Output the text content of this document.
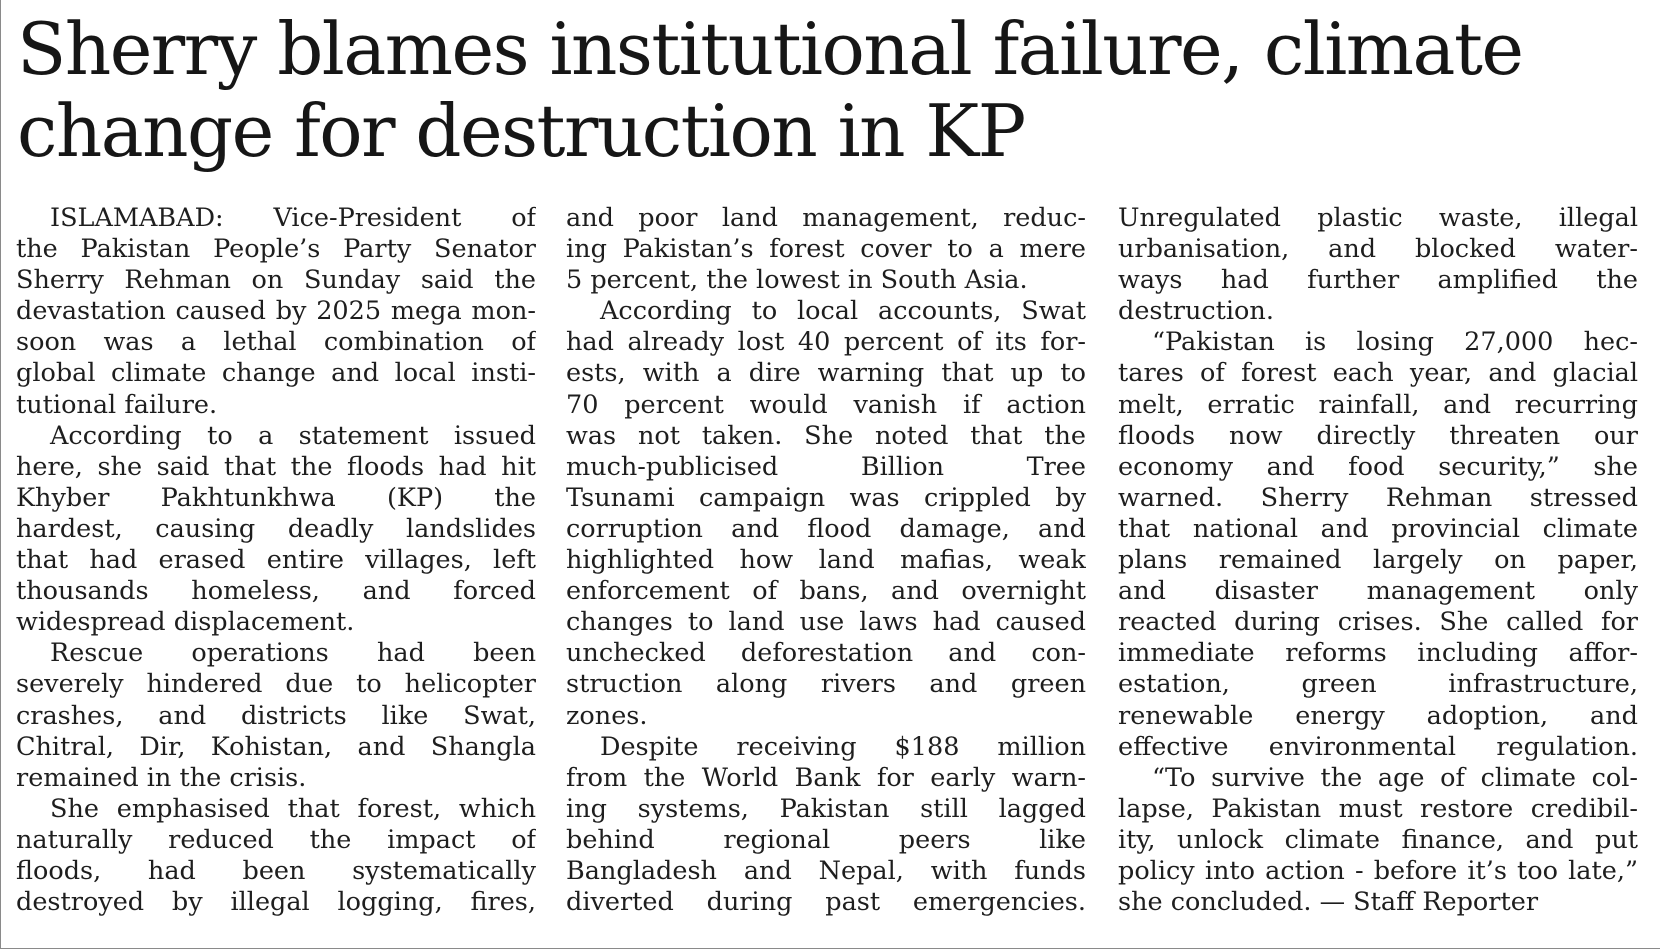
Sherry blames institutional failure, climate
change for destruction in KP
ISLAMABAD: Vice-President of
the Pakistan People’s Party Senator
Sherry Rehman on Sunday said the
devastation caused by 2025 mega mon-
soon was a lethal combination of
global climate change and local insti-
tutional failure.
According to a statement issued
here, she said that the floods had hit
Khyber Pakhtunkhwa (KP) the
hardest, causing deadly landslides
that had erased entire villages, left
thousands homeless, and forced
widespread displacement.
Rescue operations had been
severely hindered due to helicopter
crashes, and districts like Swat,
Chitral, Dir, Kohistan, and Shangla
remained in the crisis.
She emphasised that forest, which
naturally reduced the impact of
floods, had been systematically
destroyed by illegal logging, fires,
and poor land management, reduc-
ing Pakistan’s forest cover to a mere
5 percent, the lowest in South Asia.
According to local accounts, Swat
had already lost 40 percent of its for-
ests, with a dire warning that up to
70 percent would vanish if action
was not taken. She noted that the
much-publicised Billion Tree
Tsunami campaign was crippled by
corruption and flood damage, and
highlighted how land mafias, weak
enforcement of bans, and overnight
changes to land use laws had caused
unchecked deforestation and con-
struction along rivers and green
zones.
Despite receiving $188 million
from the World Bank for early warn-
ing systems, Pakistan still lagged
behind regional peers like
Bangladesh and Nepal, with funds
diverted during past emergencies.
Unregulated plastic waste, illegal
urbanisation, and blocked water-
ways had further amplified the
destruction.
“Pakistan is losing 27,000 hec-
tares of forest each year, and glacial
melt, erratic rainfall, and recurring
floods now directly threaten our
economy and food security,” she
warned. Sherry Rehman stressed
that national and provincial climate
plans remained largely on paper,
and disaster management only
reacted during crises. She called for
immediate reforms including affor-
estation, green infrastructure,
renewable energy adoption, and
effective environmental regulation.
“To survive the age of climate col-
lapse, Pakistan must restore credibil-
ity, unlock climate finance, and put
policy into action - before it’s too late,”
she concluded. — Staff Reporter
